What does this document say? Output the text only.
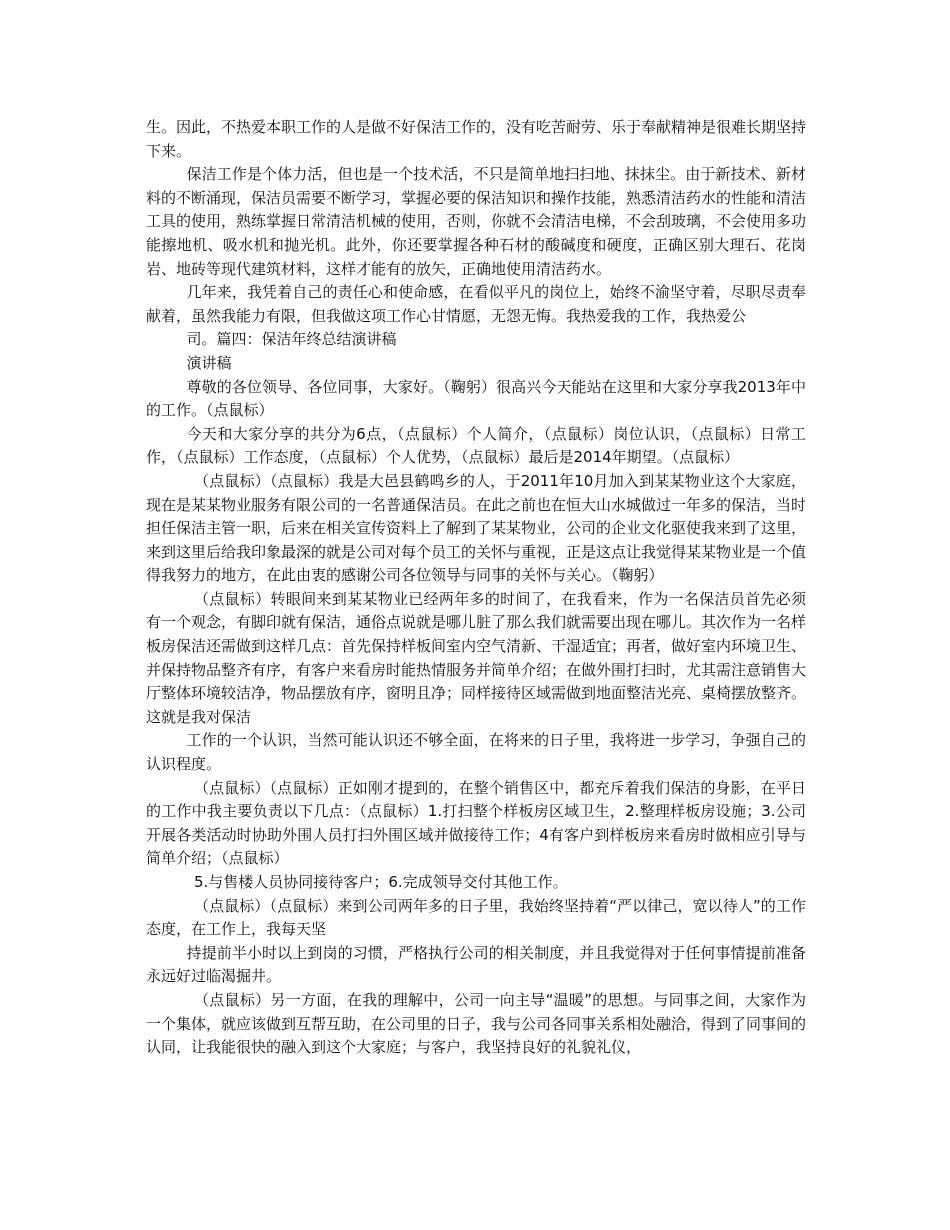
生。因此，不热爱本职工作的人是做不好保洁工作的，没有吃苦耐劳、乐于奉献精神是很难长期坚持下来。

保洁工作是个体力活，但也是一个技术活，不只是简单地扫扫地、抹抹尘。由于新技术、新材料的不断涌现，保洁员需要不断学习，掌握必要的保洁知识和操作技能，熟悉清洁药水的性能和清洁工具的使用，熟练掌握日常清洁机械的使用，否则，你就不会清洁电梯，不会刮玻璃，不会使用多功能擦地机、吸水机和抛光机。此外，你还要掌握各种石材的酸碱度和硬度，正确区别大理石、花岗岩、地砖等现代建筑材料，这样才能有的放矢，正确地使用清洁药水。

几年来，我凭着自己的责任心和使命感，在看似平凡的岗位上，始终不渝坚守着，尽职尽责奉献着，虽然我能力有限，但我做这项工作心甘情愿，无怨无悔。我热爱我的工作，我热爱公

司。篇四：保洁年终总结演讲稿

演讲稿

尊敬的各位领导、各位同事，大家好。（鞠躬）很高兴今天能站在这里和大家分享我2013年中的工作。（点鼠标）

今天和大家分享的共分为6点，（点鼠标）个人简介，（点鼠标）岗位认识，（点鼠标）日常工作，（点鼠标）工作态度，（点鼠标）个人优势，（点鼠标）最后是2014年期望。（点鼠标）

（点鼠标）（点鼠标）我是大邑县鹤鸣乡的人，于2011年10月加入到某某物业这个大家庭，现在是某某物业服务有限公司的一名普通保洁员。在此之前也在恒大山水城做过一年多的保洁，当时担任保洁主管一职，后来在相关宣传资料上了解到了某某物业，公司的企业文化驱使我来到了这里，来到这里后给我印象最深的就是公司对每个员工的关怀与重视，正是这点让我觉得某某物业是一个值得我努力的地方，在此由衷的感谢公司各位领导与同事的关怀与关心。（鞠躬）

（点鼠标）转眼间来到某某物业已经两年多的时间了，在我看来，作为一名保洁员首先必须有一个观念，有脚印就有保洁，通俗点说就是哪儿脏了那么我们就需要出现在哪儿。其次作为一名样板房保洁还需做到这样几点：首先保持样板间室内空气清新、干湿适宜；再者，做好室内环境卫生、并保持物品整齐有序，有客户来看房时能热情服务并简单介绍；在做外围打扫时，尤其需注意销售大厅整体环境较洁净，物品摆放有序，窗明且净；同样接待区域需做到地面整洁光亮、桌椅摆放整齐。这就是我对保洁

工作的一个认识，当然可能认识还不够全面，在将来的日子里，我将进一步学习，争强自己的认识程度。

（点鼠标）（点鼠标）正如刚才提到的，在整个销售区中，都充斥着我们保洁的身影，在平日的工作中我主要负责以下几点：（点鼠标）1.打扫整个样板房区域卫生，2.整理样板房设施；3.公司开展各类活动时协助外围人员打扫外围区域并做接待工作；4有客户到样板房来看房时做相应引导与简单介绍；（点鼠标）

5.与售楼人员协同接待客户；6.完成领导交付其他工作。

（点鼠标）（点鼠标）来到公司两年多的日子里，我始终坚持着“严以律己，宽以待人”的工作态度，在工作上，我每天坚

持提前半小时以上到岗的习惯，严格执行公司的相关制度，并且我觉得对于任何事情提前准备永远好过临渴掘井。

（点鼠标）另一方面，在我的理解中，公司一向主导“温暖”的思想。与同事之间，大家作为一个集体，就应该做到互帮互助，在公司里的日子，我与公司各同事关系相处融洽，得到了同事间的认同，让我能很快的融入到这个大家庭；与客户，我坚持良好的礼貌礼仪，
